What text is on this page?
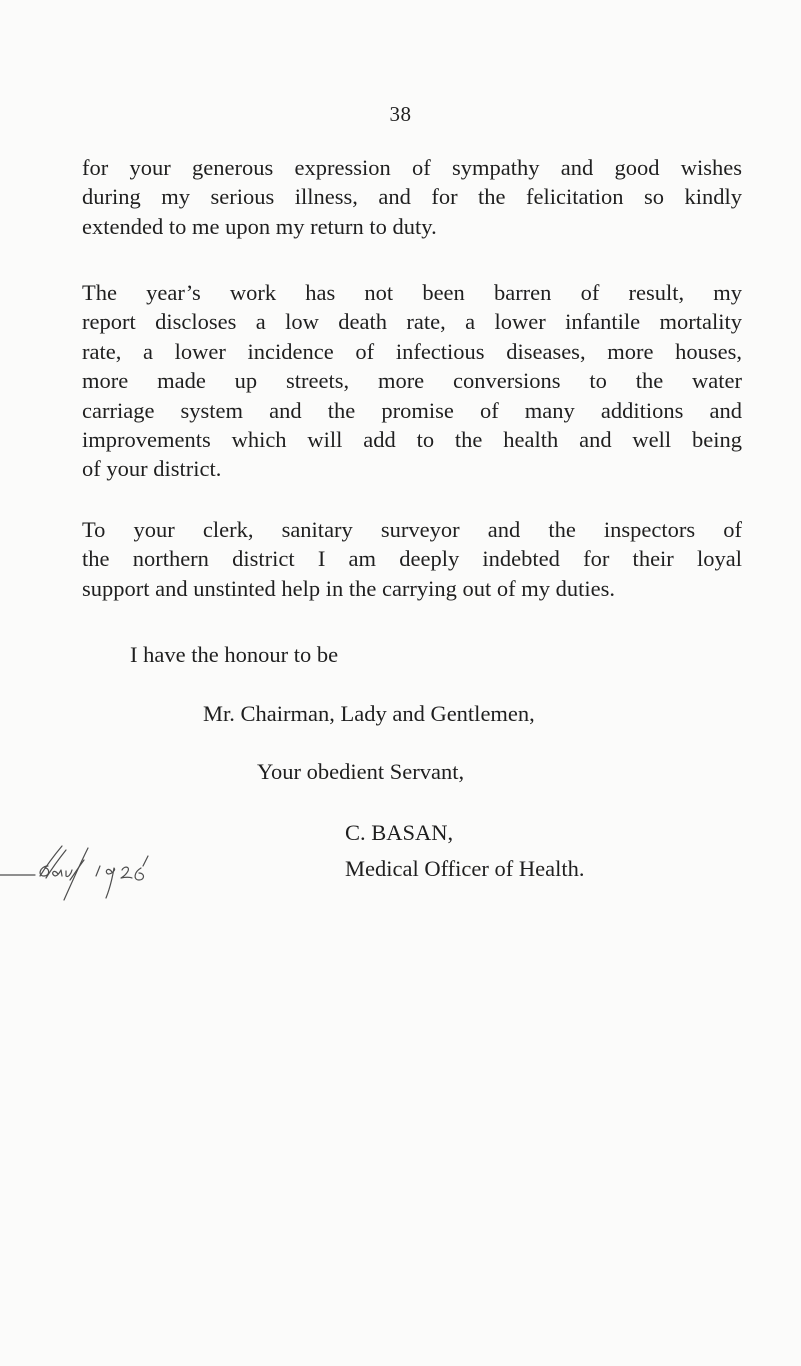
38
for your generous expression of sympathy and good wishes
during my serious illness, and for the felicitation so kindly
extended to me upon my return to duty.
The year’s work has not been barren of result, my
report discloses a low death rate, a lower infantile mortality
rate, a lower incidence of infectious diseases, more houses,
more made up streets, more conversions to the water
carriage system and the promise of many additions and
improvements which will add to the health and well being
of your district.
To your clerk, sanitary surveyor and the inspectors of
the northern district I am deeply indebted for their loyal
support and unstinted help in the carrying out of my duties.
I have the honour to be
Mr. Chairman, Lady and Gentlemen,
Your obedient Servant,
C. BASAN,
Medical Officer of Health.
